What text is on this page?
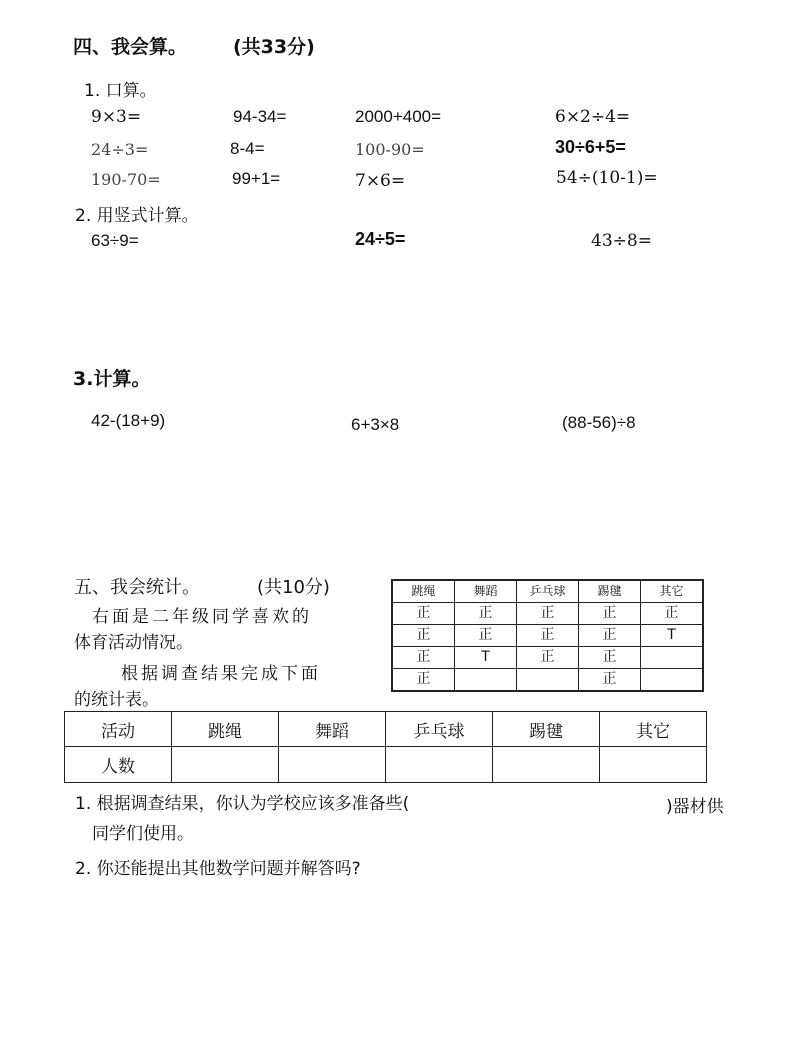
四、我会算。 (共33分)
1. 口算。
9×3=	94-34=	2000+400=	6×2÷4=
24÷3=	8-4=	100-90=	30÷6+5=
190-70=	99+1=	7×6=	54÷(10-1)=
2. 用竖式计算。
63÷9=	24÷5=	43÷8=
3.计算。
42-(18+9)	6+3×8	(88-56)÷8
五、我会统计。	(共10分)
右面是二年级同学喜欢的
体育活动情况。
根据调查结果完成下面
的统计表。
跳绳	舞蹈	乒乓球	踢毽	其它
正	正	正	正	正
正	正	正	正	T
正	T	正	正	
正			正	
活动	跳绳	舞蹈	乒乓球	踢毽	其它
人数					
1. 根据调查结果，你认为学校应该多准备些(	)器材供
同学们使用。
2. 你还能提出其他数学问题并解答吗?
